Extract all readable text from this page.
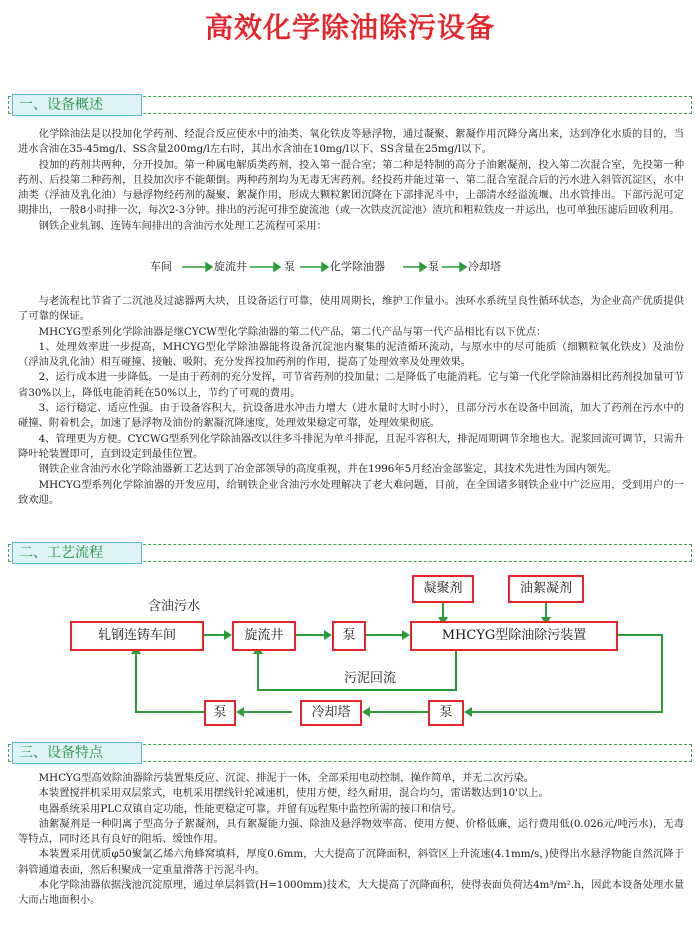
高效化学除油除污设备
一、设备概述

化学除油法是以投加化学药剂、经混合反应使水中的油类、氧化铁皮等悬浮物，通过凝聚、絮凝作用沉降分离出来，达到净化水质的目的，当进水含油在35-45mg/l、SS含量200mg/l左右时，其出水含油在10mg/l以下、SS含量在25mg/l以下。

投加的药剂共两种，分开投加。第一种属电解质类药剂，投入第一混合室；第二种是特制的高分子油絮凝剂，投入第二次混合室，先投第一种药剂、后投第二种药剂，且投加次序不能颠倒。两种药剂均为无毒无害药剂。经投药并能过第一、第二混合室混合后的污水进入斜管沉淀区，水中油类（浮油及乳化油）与悬浮物经药剂的凝聚、絮凝作用，形成大颗粒絮团沉降在下部排泥斗中，上部清水经溢流堰、出水管排出。下部污泥可定期排出，一般8小时排一次，每次2-3分钟。排出的污泥可排至旋流池（或一次铁皮沉淀池）渣坑和粗粒铁皮一并运出，也可单独压滤后回收利用。

钢铁企业轧钢、连铸车间排出的含油污水处理工艺流程可采用：

车间	旋流井	泵	化学除油器	泵	冷却塔

与老流程比节省了二沉池及过滤器两大块，且设备运行可靠，使用周期长，维护工作量小。浊环水系统呈良性循环状态，为企业高产优质提供了可靠的保证。

MHCYG型系列化学除油器是继CYCW型化学除油器的第二代产品，第二代产品与第一代产品相比有以下优点：

1、处理效率进一步提高，MHCYG型化学除油器能将设备沉淀池内聚集的泥渣循环流动，与原水中的尽可能质（细颗粒氧化铁皮）及油份（浮油及乳化油）相互碰撞、接触、吸附、充分发挥投加药剂的作用，提高了处理效率及处理效果。

2、运行成本进一步降低。一是由于药剂的充分发挥，可节省药剂的投加量；二是降低了电能消耗。它与第一代化学除油器相比药剂投加量可节省30%以上，降低电能消耗在50%以上，节约了可观的费用。

3、运行稳定、适应性强。由于设备容积大，抗设备进水冲击力增大（进水量时大时小时），且部分污水在设备中回流，加大了药剂在污水中的碰撞、附着机会，加速了悬浮物及油份的絮凝沉降速度，处理效果稳定可靠，处理效果彻底。

4、管理更为方便。CYCWG型系列化学除油器改以往多斗排泥为单斗排泥，且泥斗容积大，排泥周期调节余地也大。泥浆回流可调节，只需升降叶轮装置即可，直到设定到最佳位置。

钢铁企业含油污水化学除油器新工艺达到了冶金部领导的高度重视，并在1996年5月经冶金部鉴定，其技术先进性为国内领先。

MHCYG型系列化学除油器的开发应用，给钢铁企业含油污水处理解决了老大难问题，目前，在全国诸多钢铁企业中广泛应用，受到用户的一致欢迎。

二、工艺流程
凝聚剂	油絮凝剂
含油污水
轧钢连铸车间	旋流井	泵	MHCYG型除油除污装置
污泥回流
泵
冷却塔
泵
三、设备特点

MHCYG型高效除油器除污装置集反应、沉淀、排泥于一体，全部采用电动控制，操作简单，并无二次污染。

本装置搅拌机采用双层浆式，电机采用摆线针轮减速机，使用方便，经久耐用，混合均匀，雷诺数达到10'以上。

电器系统采用PLC双镇自定功能，性能更稳定可靠，并留有远程集中监控所需的接口和信号。

油絮凝剂是一种阴离子型高分子絮凝剂，具有絮凝能力强、除油及悬浮物效率高、使用方便、价格低廉，运行费用低(0.026元/吨污水)，无毒等特点，同时还具有良好的阻垢、缓蚀作用。

本装置采用优质φ50聚氯乙烯六角蜂窝填料，厚度0.6mm，大大提高了沉降面积，斜管区上升流速(4.1mm/s，)使得出水悬浮物能自然沉降于斜管通道表面，然后积聚成一定重量滑落于污泥斗内。

本化学除油器依据浅池沉淀原理，通过单层斜管(H=1000mm)技术，大大提高了沉降面积，使得表面负荷达4m³/m².h，因此本设备处理水量大而占地面积小。
